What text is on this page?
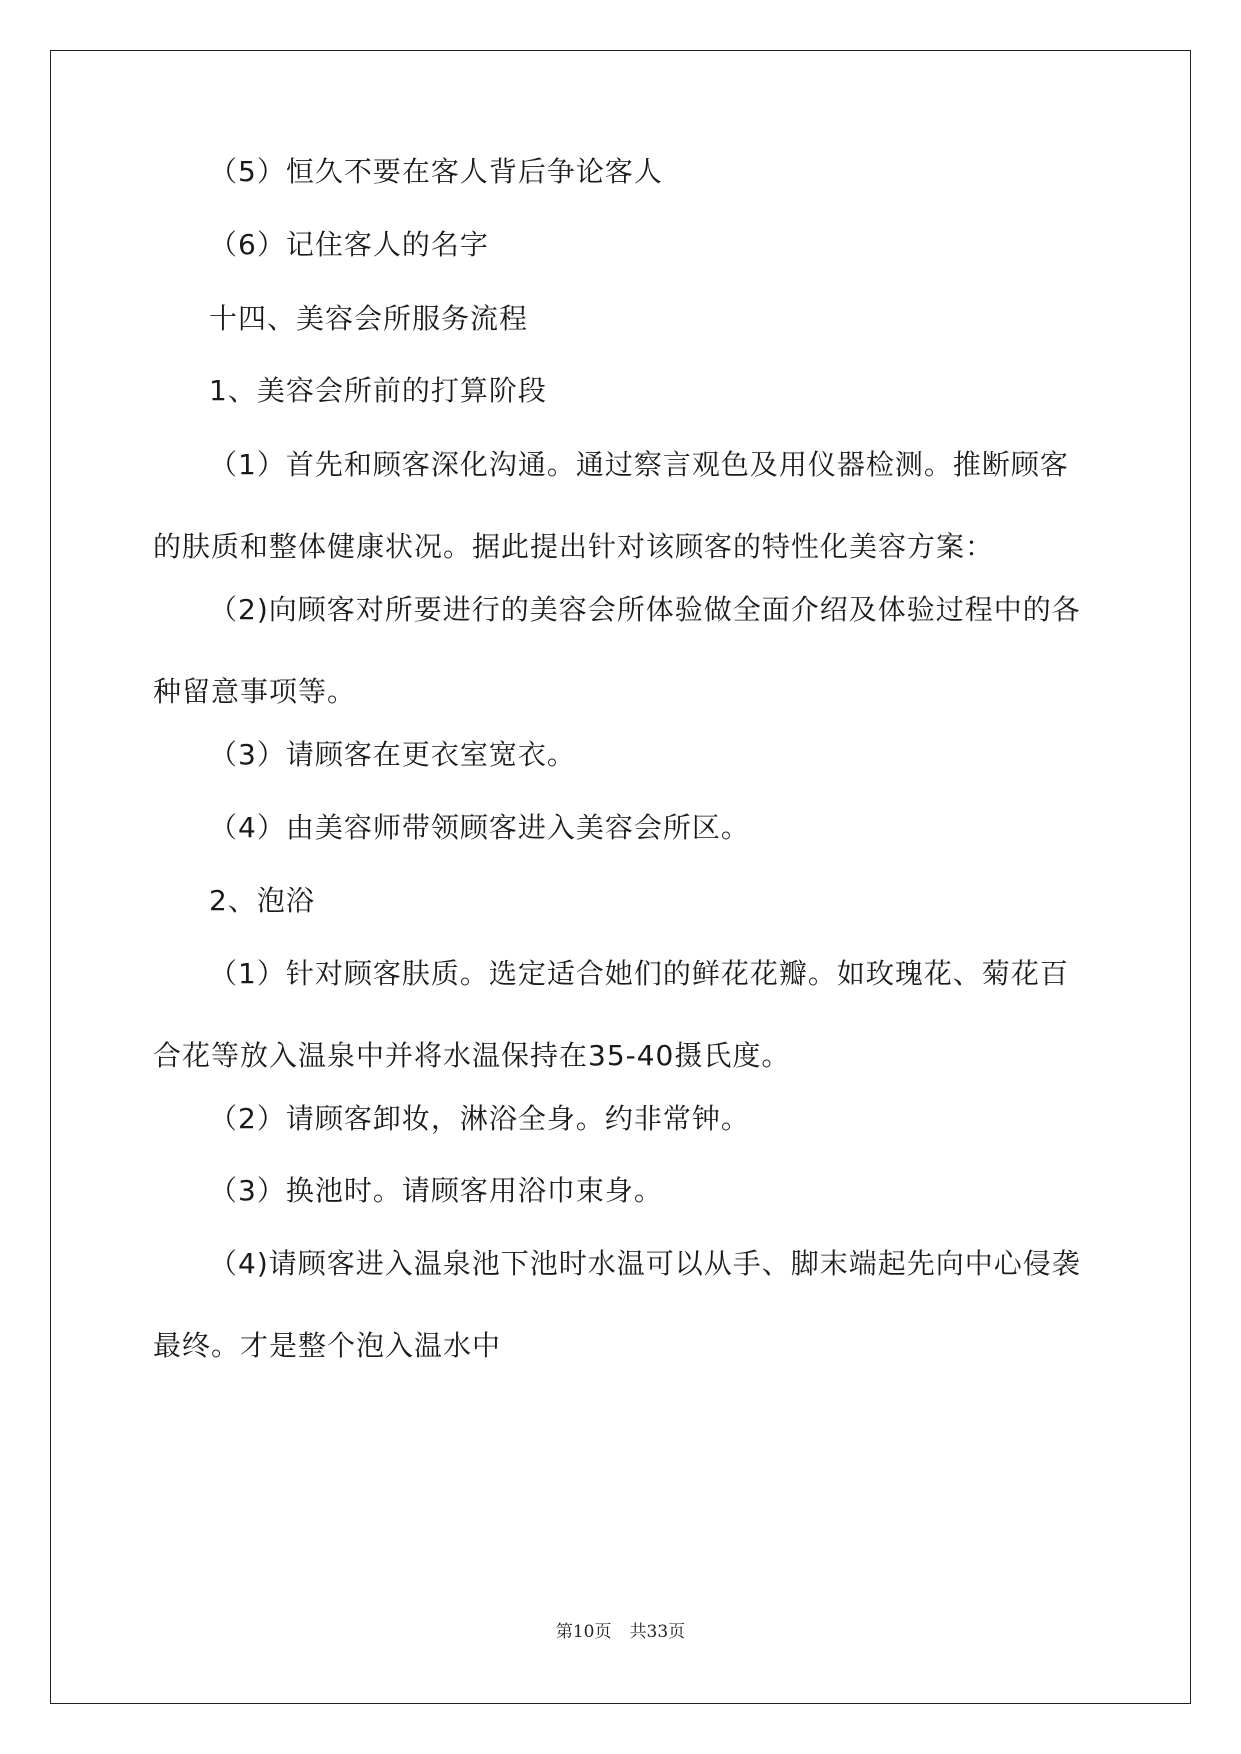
（5）恒久不要在客人背后争论客人

（6）记住客人的名字

十四、美容会所服务流程

1、美容会所前的打算阶段

（1）首先和顾客深化沟通。通过察言观色及用仪器检测。推断顾客的肤质和整体健康状况。据此提出针对该顾客的特性化美容方案：

（2)向顾客对所要进行的美容会所体验做全面介绍及体验过程中的各种留意事项等。

（3）请顾客在更衣室宽衣。

（4）由美容师带领顾客进入美容会所区。

2、泡浴

（1）针对顾客肤质。选定适合她们的鲜花花瓣。如玫瑰花、菊花百合花等放入温泉中并将水温保持在35-40摄氏度。

（2）请顾客卸妆，淋浴全身。约非常钟。

（3）换池时。请顾客用浴巾束身。

（4)请顾客进入温泉池下池时水温可以从手、脚末端起先向中心侵袭最终。才是整个泡入温水中

第10页 共33页
